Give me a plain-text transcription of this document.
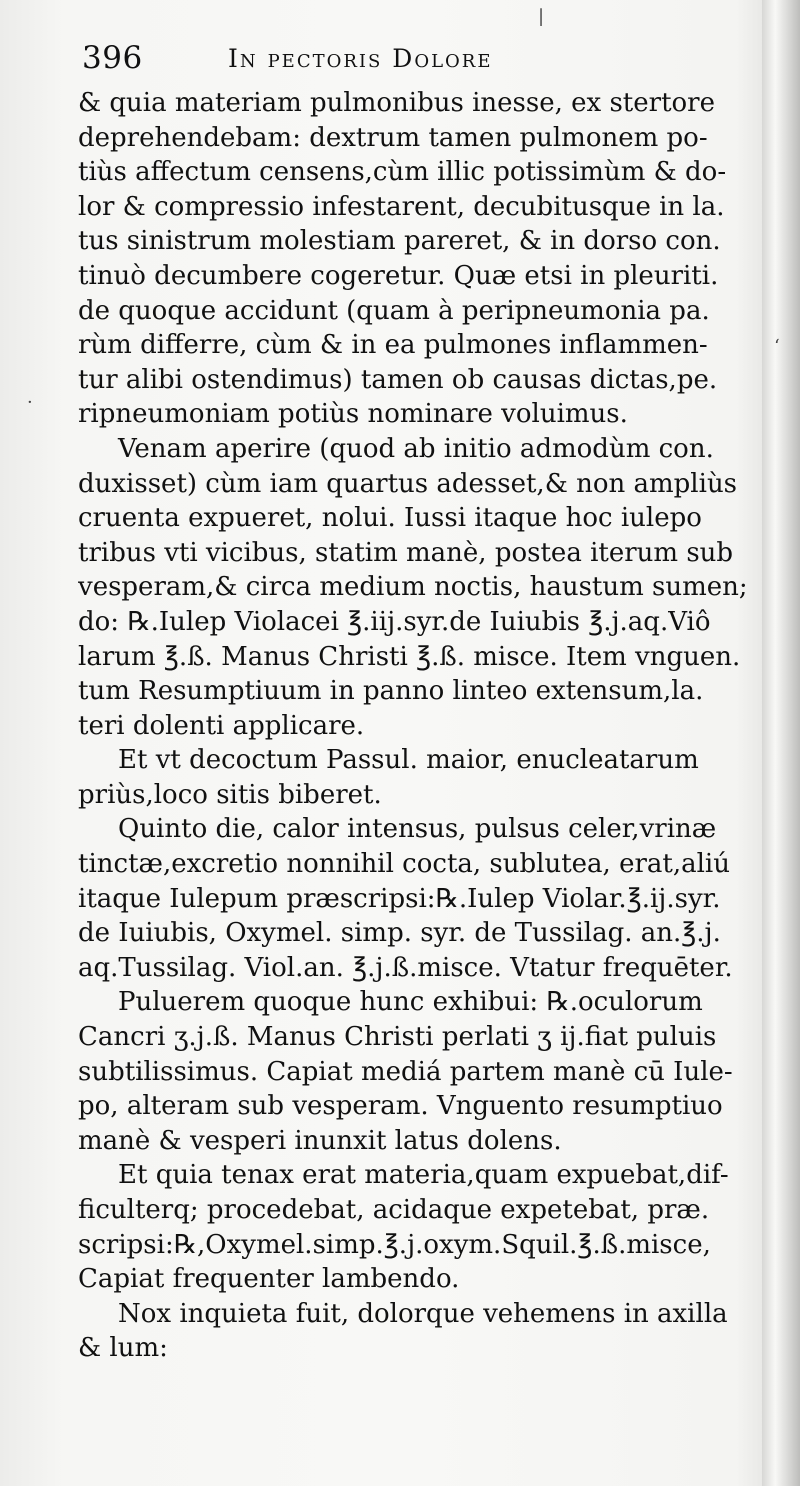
|
·
‘
396	In pectoris Dolore
& quia materiam pulmonibus inesse, ex stertore
deprehendebam: dextrum tamen pulmonem po-
tiùs affectum censens,cùm illic potissimùm & do-
lor & compressio infestarent, decubitusque in la.
tus sinistrum molestiam pareret, & in dorso con.
tinuò decumbere cogeretur. Quæ etsi in pleuriti.
de quoque accidunt (quam à peripneumonia pa.
rùm differre, cùm & in ea pulmones inflammen-
tur alibi ostendimus) tamen ob causas dictas,pe.
ripneumoniam potiùs nominare voluimus.
Venam aperire (quod ab initio admodùm con.
duxisset) cùm iam quartus adesset,& non ampliùs
cruenta expueret, nolui. Iussi itaque hoc iulepo
tribus vti vicibus, statim manè, postea iterum sub
vesperam,& circa medium noctis, haustum sumen;
do: ℞.Iulep Violacei ℥.iij.syr.de Iuiubis ℥.j.aq.Viô
larum ℥.ß. Manus Christi ℥.ß. misce. Item vnguen.
tum Resumptiuum in panno linteo extensum,la.
teri dolenti applicare.
Et vt decoctum Passul. maior, enucleatarum
priùs,loco sitis biberet.
Quinto die, calor intensus, pulsus celer,vrinæ
tinctæ,excretio nonnihil cocta, sublutea, erat,aliú
itaque Iulepum præscripsi:℞.Iulep Violar.℥.ij.syr.
de Iuiubis, Oxymel. simp. syr. de Tussilag. an.℥.j.
aq.Tussilag. Viol.an. ℥.j.ß.misce. Vtatur frequēter.
Puluerem quoque hunc exhibui: ℞.oculorum
Cancri ʒ.j.ß. Manus Christi perlati ʒ ij.fiat puluis
subtilissimus. Capiat mediá partem manè cū Iule-
po, alteram sub vesperam. Vnguento resumptiuo
manè & vesperi inunxit latus dolens.
Et quia tenax erat materia,quam expuebat,dif-
ficulterq; procedebat, acidaque expetebat, præ.
scripsi:℞,Oxymel.simp.℥.j.oxym.Squil.℥.ß.misce,
Capiat frequenter lambendo.
Nox inquieta fuit, dolorque vehemens in axilla
& lum:
